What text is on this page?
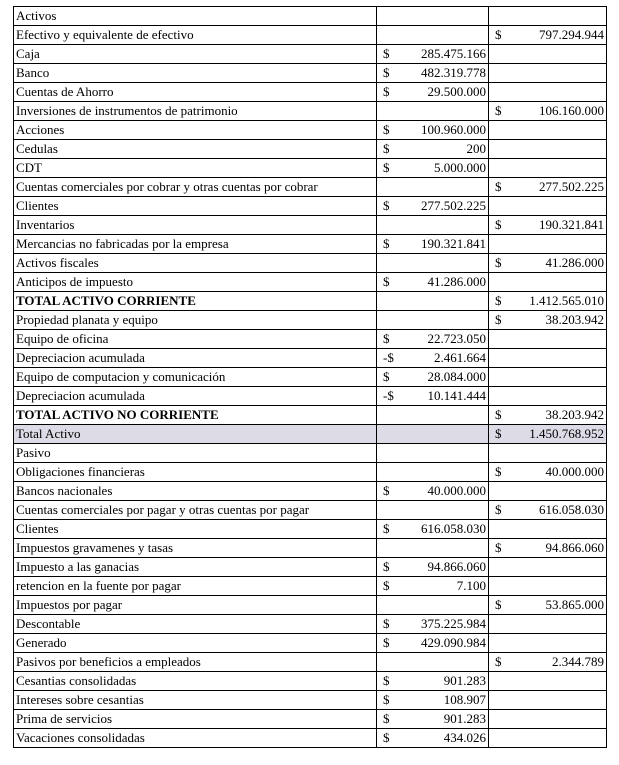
Activos	

Efectivo y equivalente de efectivo		$ 797.294.944

Caja	$ 285.475.166	

Banco	$ 482.319.778	

Cuentas de Ahorro	$ 29.500.000	

Inversiones de instrumentos de patrimonio		$ 106.160.000

Acciones	$ 100.960.000	

Cedulas	$ 200	

CDT	$ 5.000.000	

Cuentas comerciales por cobrar y otras cuentas por cobrar		$ 277.502.225

Clientes	$ 277.502.225	

Inventarios		$ 190.321.841

Mercancias no fabricadas por la empresa	$ 190.321.841	

Activos fiscales		$ 41.286.000

Anticipos de impuesto	$ 41.286.000	

TOTAL ACTIVO CORRIENTE		$ 1.412.565.010

Propiedad planata y equipo		$ 38.203.942

Equipo de oficina	$ 22.723.050	

Depreciacion acumulada	-$ 2.461.664	

Equipo de computacion y comunicación	$ 28.084.000	

Depreciacion acumulada	-$ 10.141.444	

TOTAL ACTIVO NO CORRIENTE		$ 38.203.942

Total Activo		$ 1.450.768.952

Pasivo	

Obligaciones financieras		$ 40.000.000

Bancos nacionales	$ 40.000.000	

Cuentas comerciales por pagar y otras cuentas por pagar		$ 616.058.030

Clientes	$ 616.058.030	

Impuestos gravamenes y tasas		$ 94.866.060

Impuesto a las ganacias	$ 94.866.060	

retencion en la fuente por pagar	$ 7.100	

Impuestos por pagar		$ 53.865.000

Descontable	$ 375.225.984	

Generado	$ 429.090.984	

Pasivos por beneficios a empleados		$ 2.344.789

Cesantias consolidadas	$ 901.283	

Intereses sobre cesantias	$ 108.907	

Prima de servicios	$ 901.283	

Vacaciones consolidadas	$ 434.026	
